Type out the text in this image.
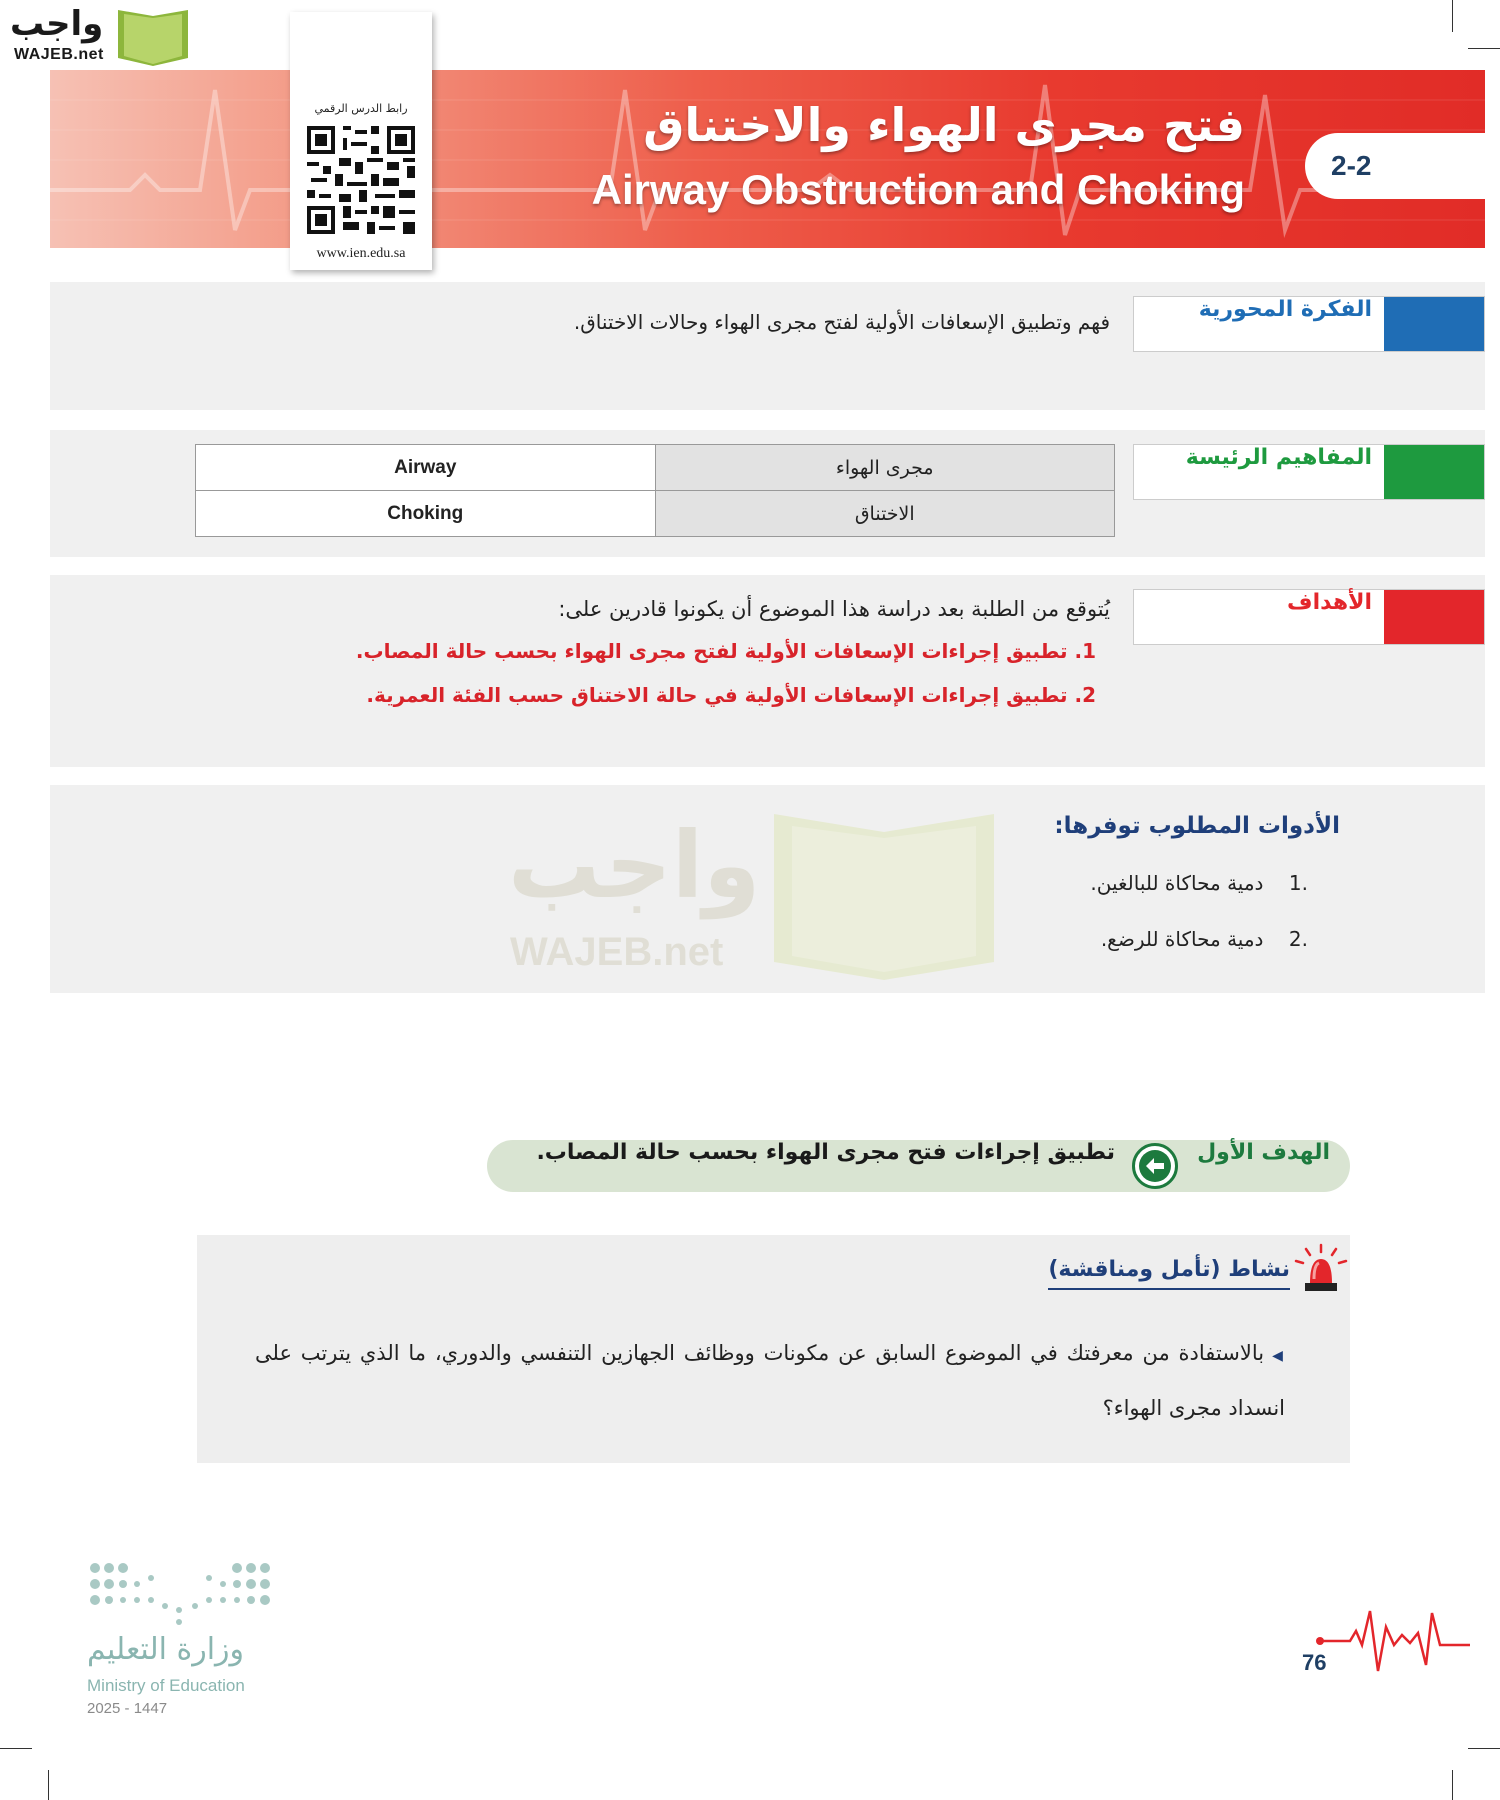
واجب
WAJEB.net
فتح مجرى الهواء والاختناق
Airway Obstruction and Choking
2-2
رابط الدرس الرقمي
www.ien.edu.sa
الفكرة المحورية
فهم وتطبيق الإسعافات الأولية لفتح مجرى الهواء وحالات الاختناق.
المفاهيم الرئيسة
Airway	مجرى الهواء
Choking	الاختناق
الأهداف
يُتوقع من الطلبة بعد دراسة هذا الموضوع أن يكونوا قادرين على:
1. تطبيق إجراءات الإسعافات الأولية لفتح مجرى الهواء بحسب حالة المصاب.
2. تطبيق إجراءات الإسعافات الأولية في حالة الاختناق حسب الفئة العمرية.
الأدوات المطلوب توفرها:
.1    دمية محاكاة للبالغين.
.2    دمية محاكاة للرضع.
واجب
WAJEB.net
الهدف الأول
تطبيق إجراءات فتح مجرى الهواء بحسب حالة المصاب.
نشاط (تأمل ومناقشة)
◀بالاستفادة من معرفتك في الموضوع السابق عن مكونات ووظائف الجهازين التنفسي والدوري، ما الذي يترتب على انسداد مجرى الهواء؟
وزارة التعليم
Ministry of Education
2025 - 1447
76
